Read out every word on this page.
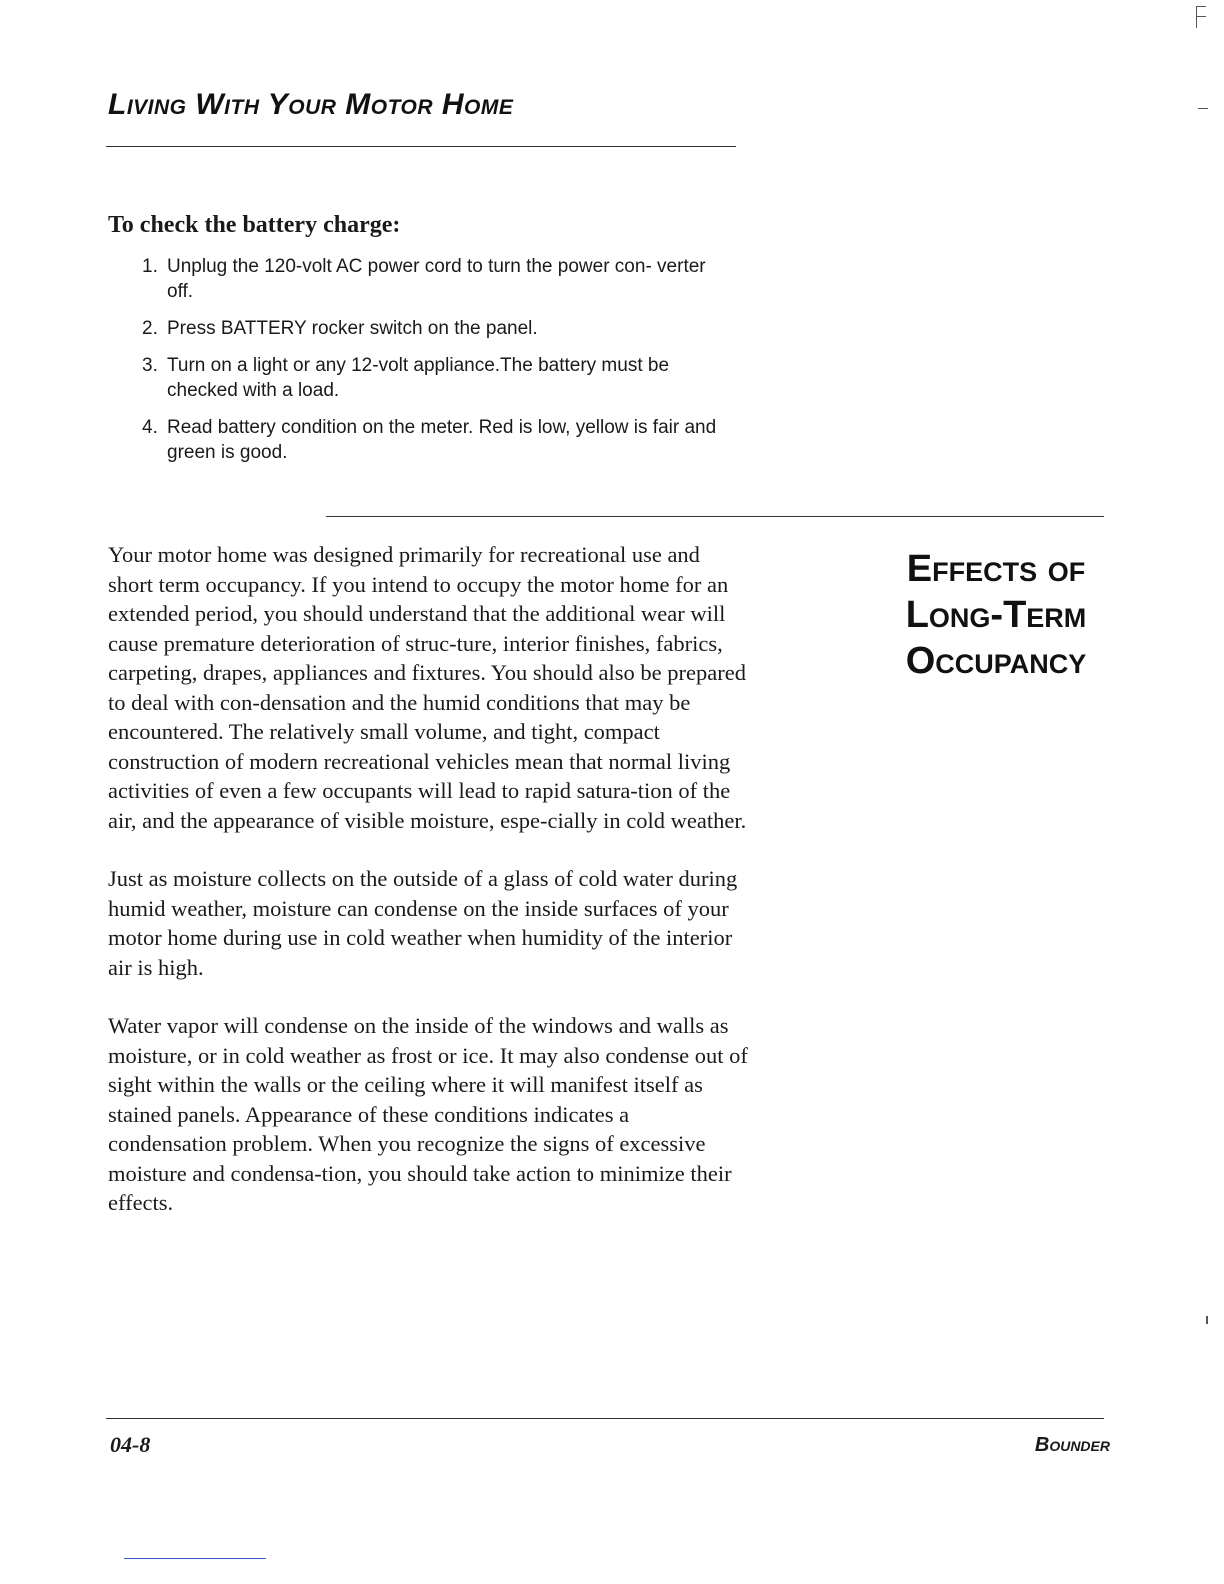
Living With Your Motor Home
To check the battery charge:
1. Unplug the 120-volt AC power cord to turn the power con- verter off.
2. Press BATTERY rocker switch on the panel.
3. Turn on a light or any 12-volt appliance.The battery must be checked with a load.
4. Read battery condition on the meter. Red is low, yellow is fair and green is good.

Your motor home was designed primarily for recreational use and short term occupancy. If you intend to occupy the motor home for an extended period, you should understand that the additional wear will cause premature deterioration of struc-ture, interior finishes, fabrics, carpeting, drapes, appliances and fixtures. You should also be prepared to deal with con-densation and the humid conditions that may be encountered. The relatively small volume, and tight, compact construction of modern recreational vehicles mean that normal living activities of even a few occupants will lead to rapid satura-tion of the air, and the appearance of visible moisture, espe-cially in cold weather.

Just as moisture collects on the outside of a glass of cold water during humid weather, moisture can condense on the inside surfaces of your motor home during use in cold weather when humidity of the interior air is high.

Water vapor will condense on the inside of the windows and walls as moisture, or in cold weather as frost or ice. It may also condense out of sight within the walls or the ceiling where it will manifest itself as stained panels. Appearance of these conditions indicates a condensation problem. When you recognize the signs of excessive moisture and condensa-tion, you should take action to minimize their effects.

Effects of
Long-Term
Occupancy
04-8	Bounder
